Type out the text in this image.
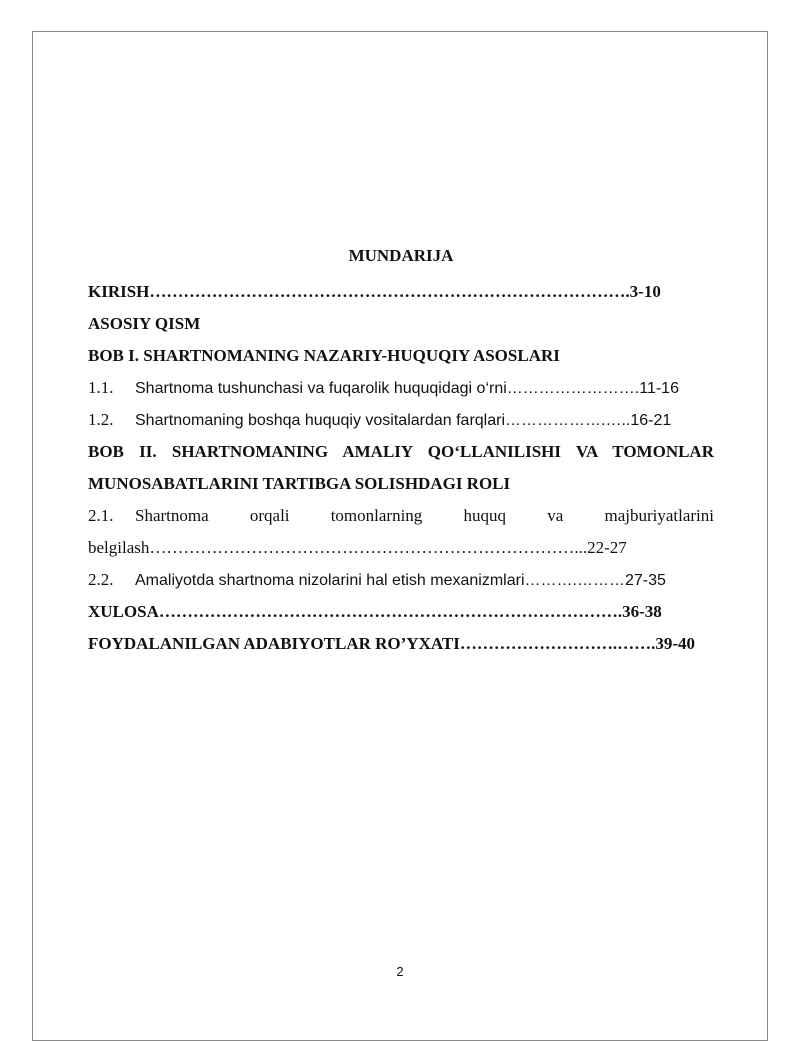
MUNDARIJA
KIRISH………………………………………………………………………….3-10
ASOSIY QISM
BOB I. SHARTNOMANING NAZARIY-HUQUQIY ASOSLARI
1.1.	Shartnoma tushunchasi va fuqarolik huquqidagi o‘rni…………………….11-16
1.2.	Shartnomaning boshqa huquqiy vositalardan farqlari……………….…..16-21
BOB II. SHARTNOMANING AMALIY QO‘LLANILISHI VA TOMONLAR
MUNOSABATLARINI TARTIBGA SOLISHDAGI ROLI
2.1.	Shartnoma orqali tomonlarning huquq va majburiyatlarini
belgilash…………………………………………………………………...22-27
2.2.	Amaliyotda shartnoma nizolarini hal etish mexanizmlari……….………27-35
XULOSA……………………………………………………………………….36-38
FOYDALANILGAN ADABIYOTLAR RO’YXATI……………………….…….39-40
2
